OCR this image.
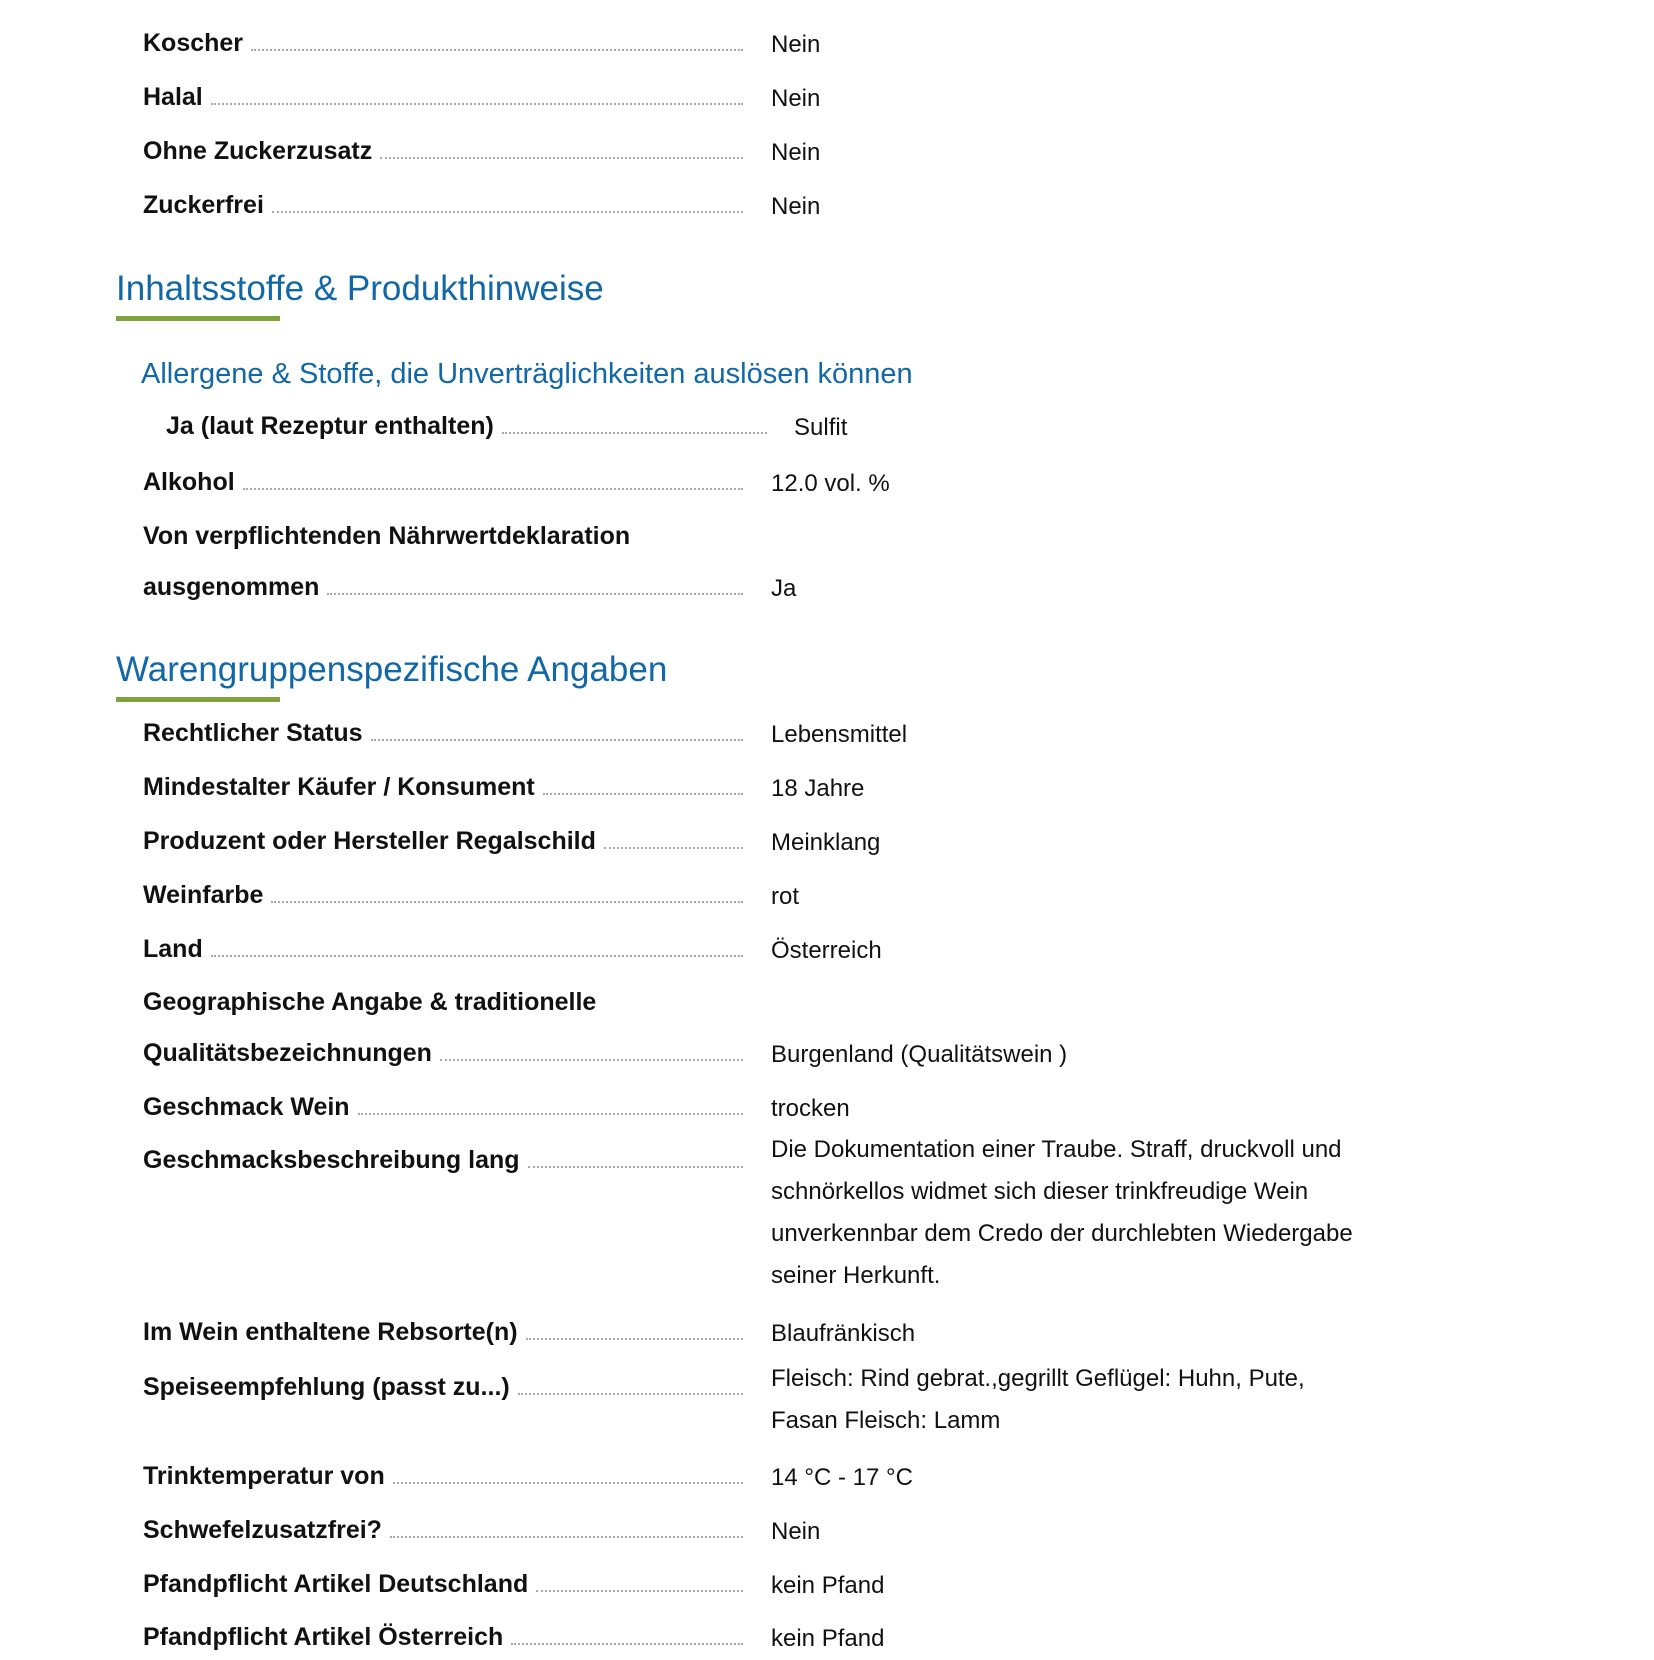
Koscher	Nein
Halal	Nein
Ohne Zuckerzusatz	Nein
Zuckerfrei	Nein
Inhaltsstoffe & Produkthinweise
Allergene & Stoffe, die Unverträglichkeiten auslösen können
Ja (laut Rezeptur enthalten)	Sulfit
Alkohol	12.0 vol. %
Von verpflichtenden Nährwertdeklaration
ausgenommen	Ja
Warengruppenspezifische Angaben
Rechtlicher Status	Lebensmittel
Mindestalter Käufer / Konsument	18 Jahre
Produzent oder Hersteller Regalschild	Meinklang
Weinfarbe	rot
Land	Österreich
Geographische Angabe & traditionelle
Qualitätsbezeichnungen	Burgenland (Qualitätswein )
Geschmack Wein	trocken
Geschmacksbeschreibung lang	Die Dokumentation einer Traube. Straff, druckvoll und schnörkellos widmet sich dieser trinkfreudige Wein unverkennbar dem Credo der durchlebten Wiedergabe seiner Herkunft.
Im Wein enthaltene Rebsorte(n)	Blaufränkisch
Speiseempfehlung (passt zu...)	Fleisch: Rind gebrat.,gegrillt Geflügel: Huhn, Pute, Fasan Fleisch: Lamm
Trinktemperatur von	14 °C - 17 °C
Schwefelzusatzfrei?	Nein
Pfandpflicht Artikel Deutschland	kein Pfand
Pfandpflicht Artikel Österreich	kein Pfand
